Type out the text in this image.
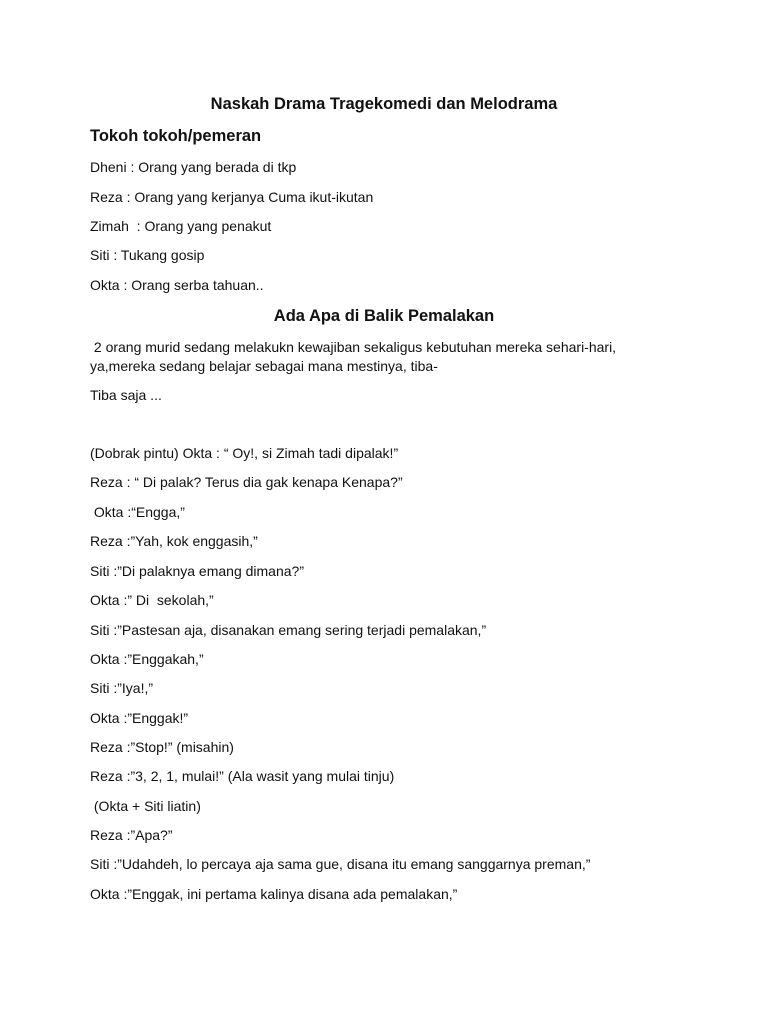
Naskah Drama Tragekomedi dan Melodrama

Tokoh tokoh/pemeran

Dheni : Orang yang berada di tkp

Reza : Orang yang kerjanya Cuma ikut-ikutan

Zimah  : Orang yang penakut

Siti : Tukang gosip

Okta : Orang serba tahuan..

Ada Apa di Balik Pemalakan

2 orang murid sedang melakukn kewajiban sekaligus kebutuhan mereka sehari-hari,

ya,mereka sedang belajar sebagai mana mestinya, tiba-

Tiba saja ...

(Dobrak pintu) Okta : “ Oy!, si Zimah tadi dipalak!”

Reza : “ Di palak? Terus dia gak kenapa Kenapa?”

Okta :“Engga,”

Reza :”Yah, kok enggasih,”

Siti :”Di palaknya emang dimana?”

Okta :” Di  sekolah,”

Siti :”Pastesan aja, disanakan emang sering terjadi pemalakan,”

Okta :”Enggakah,”

Siti :”Iya!,”

Okta :”Enggak!”

Reza :”Stop!” (misahin)

Reza :”3, 2, 1, mulai!” (Ala wasit yang mulai tinju)

(Okta + Siti liatin)

Reza :”Apa?”

Siti :”Udahdeh, lo percaya aja sama gue, disana itu emang sanggarnya preman,”

Okta :”Enggak, ini pertama kalinya disana ada pemalakan,”
